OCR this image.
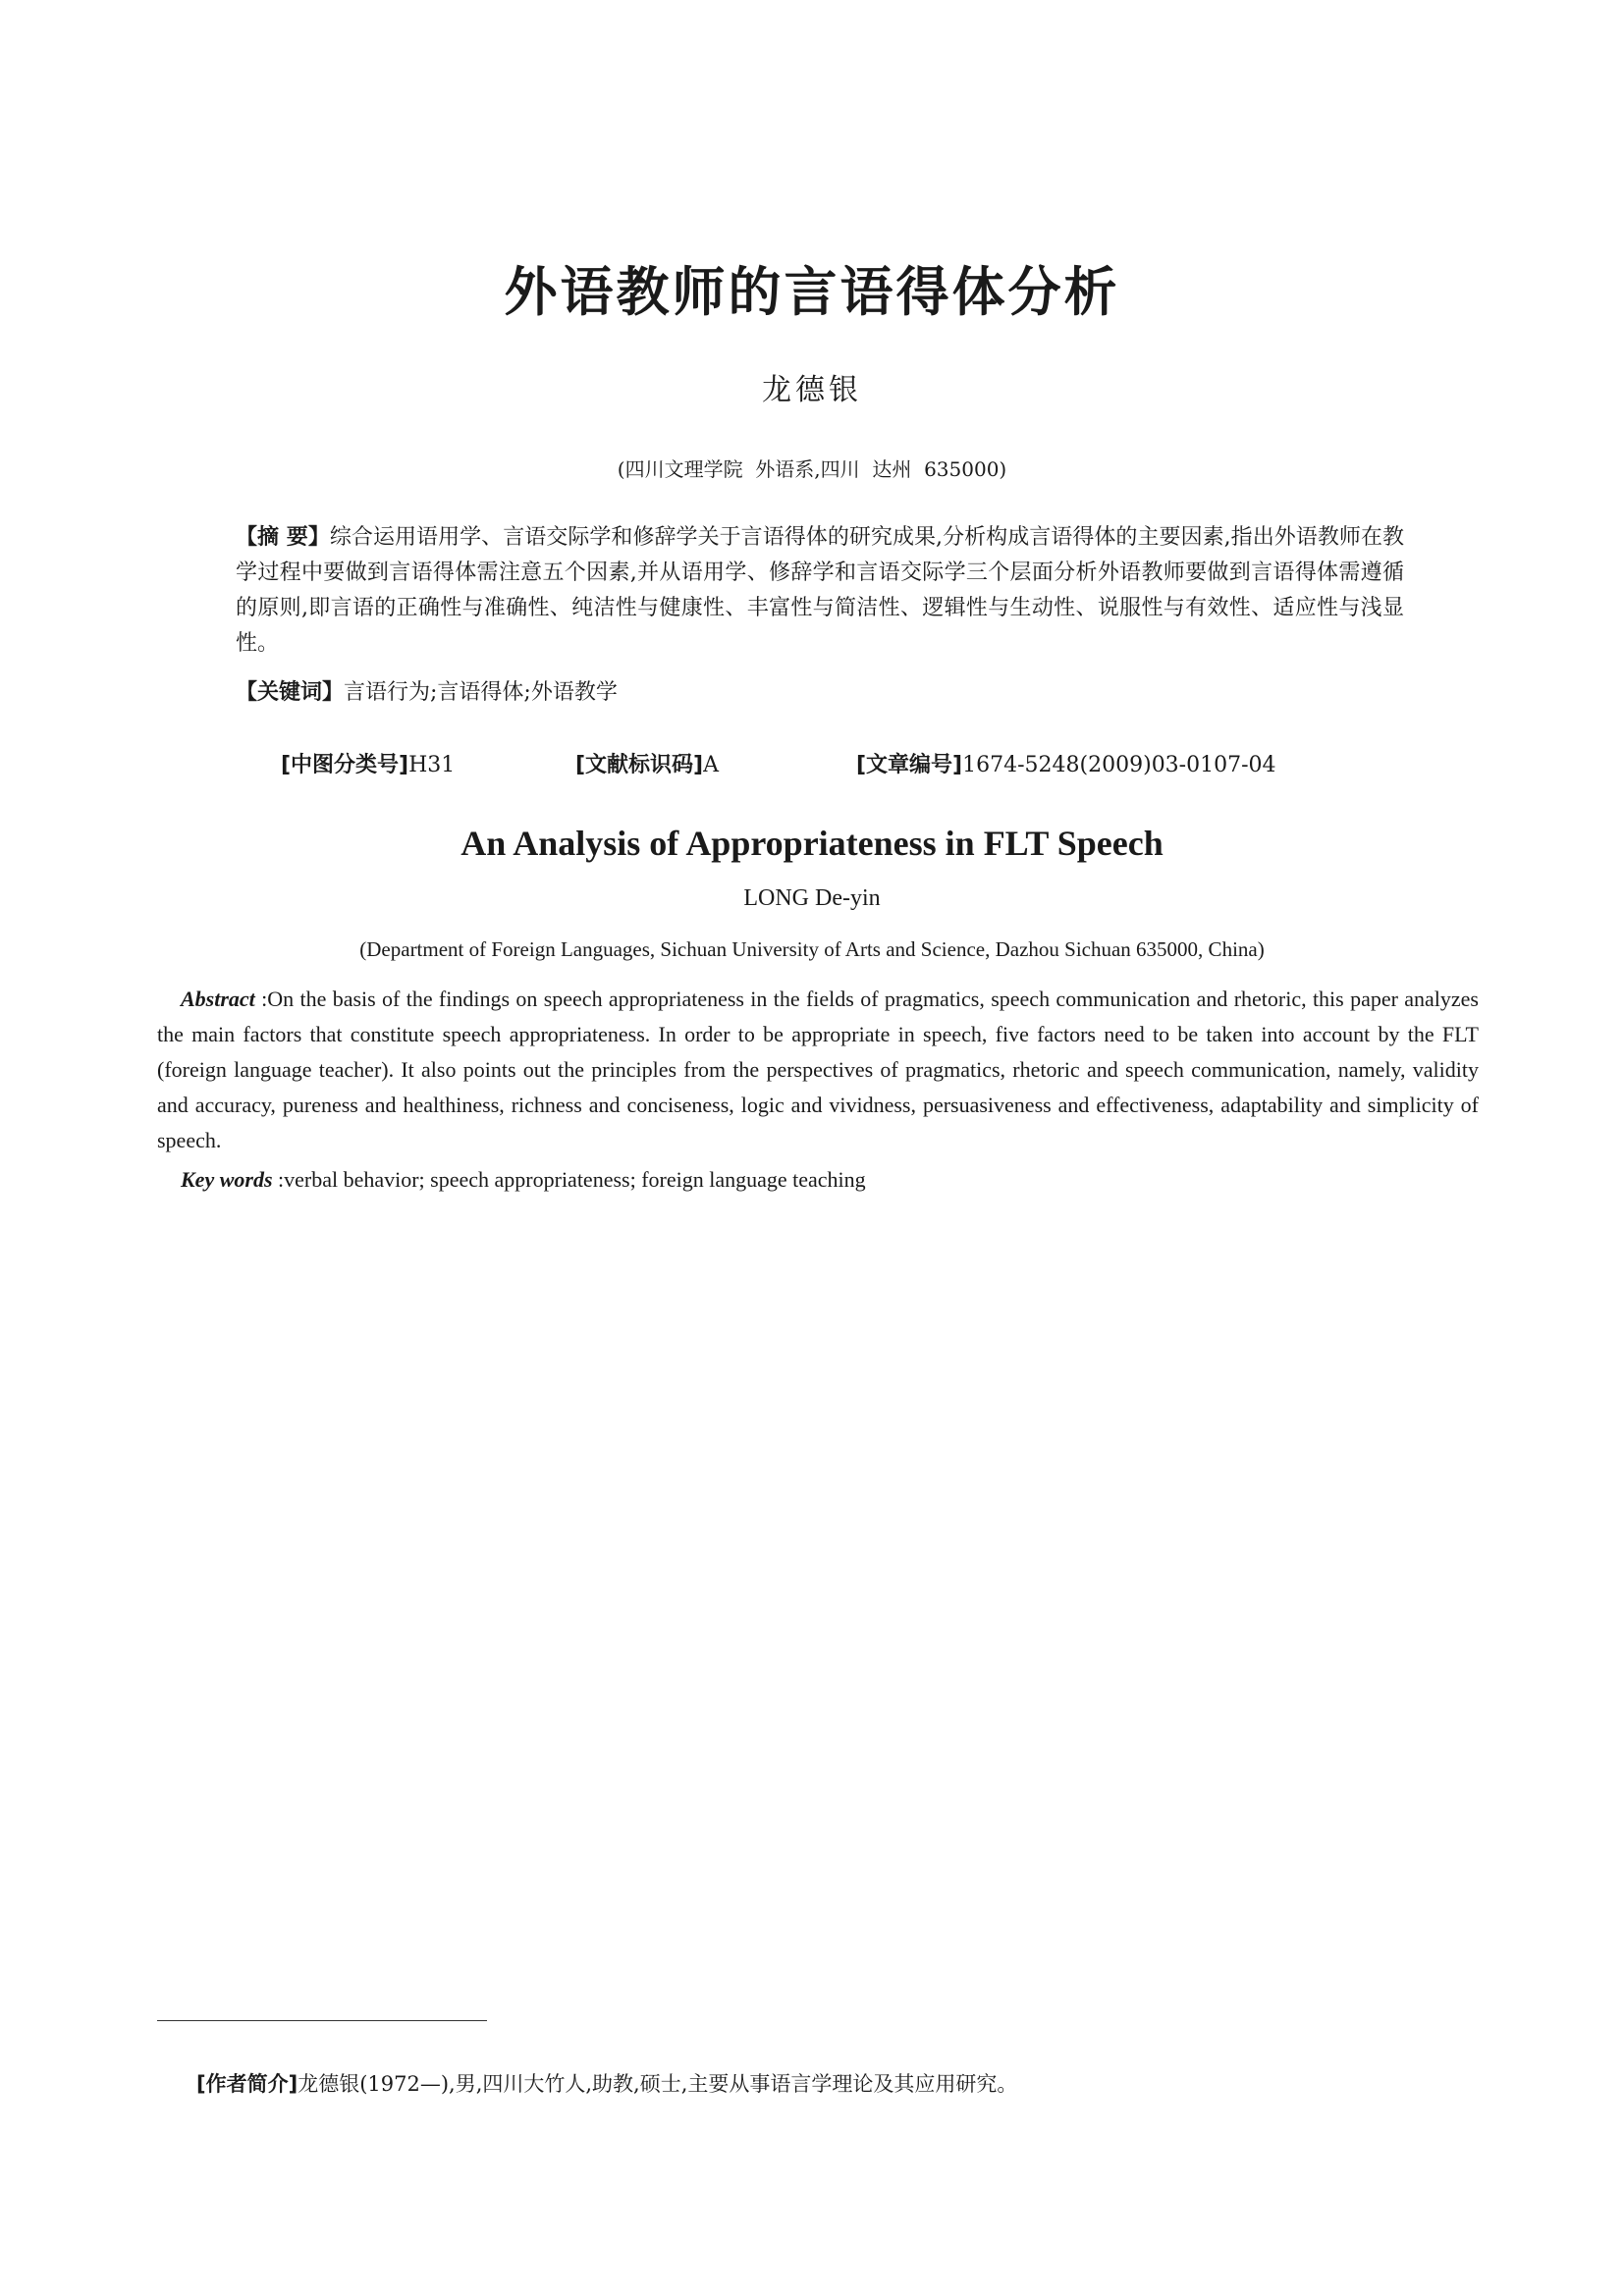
外语教师的言语得体分析
龙德银
(四川文理学院  外语系,四川  达州  635000)
【摘 要】综合运用语用学、言语交际学和修辞学关于言语得体的研究成果,分析构成言语得体的主要因素,指出外语教师在教学过程中要做到言语得体需注意五个因素,并从语用学、修辞学和言语交际学三个层面分析外语教师要做到言语得体需遵循的原则,即言语的正确性与准确性、纯洁性与健康性、丰富性与简洁性、逻辑性与生动性、说服性与有效性、适应性与浅显性。
【关键词】言语行为;言语得体;外语教学
[中图分类号]H31	[文献标识码]A	[文章编号]1674-5248(2009)03-0107-04
An Analysis of Appropriateness in FLT Speech
LONG De-yin
(Department of Foreign Languages, Sichuan University of Arts and Science, Dazhou Sichuan 635000, China)
Abstract :On the basis of the findings on speech appropriateness in the fields of pragmatics, speech communication and rhetoric, this paper analyzes the main factors that constitute speech appropriateness. In order to be appropriate in speech, five factors need to be taken into account by the FLT (foreign language teacher). It also points out the principles from the perspectives of pragmatics, rhetoric and speech communication, namely, validity and accuracy, pureness and healthiness, richness and conciseness, logic and vividness, persuasiveness and effectiveness, adaptability and simplicity of speech.
Key words :verbal behavior; speech appropriateness; foreign language teaching
[作者简介]龙德银(1972—),男,四川大竹人,助教,硕士,主要从事语言学理论及其应用研究。
